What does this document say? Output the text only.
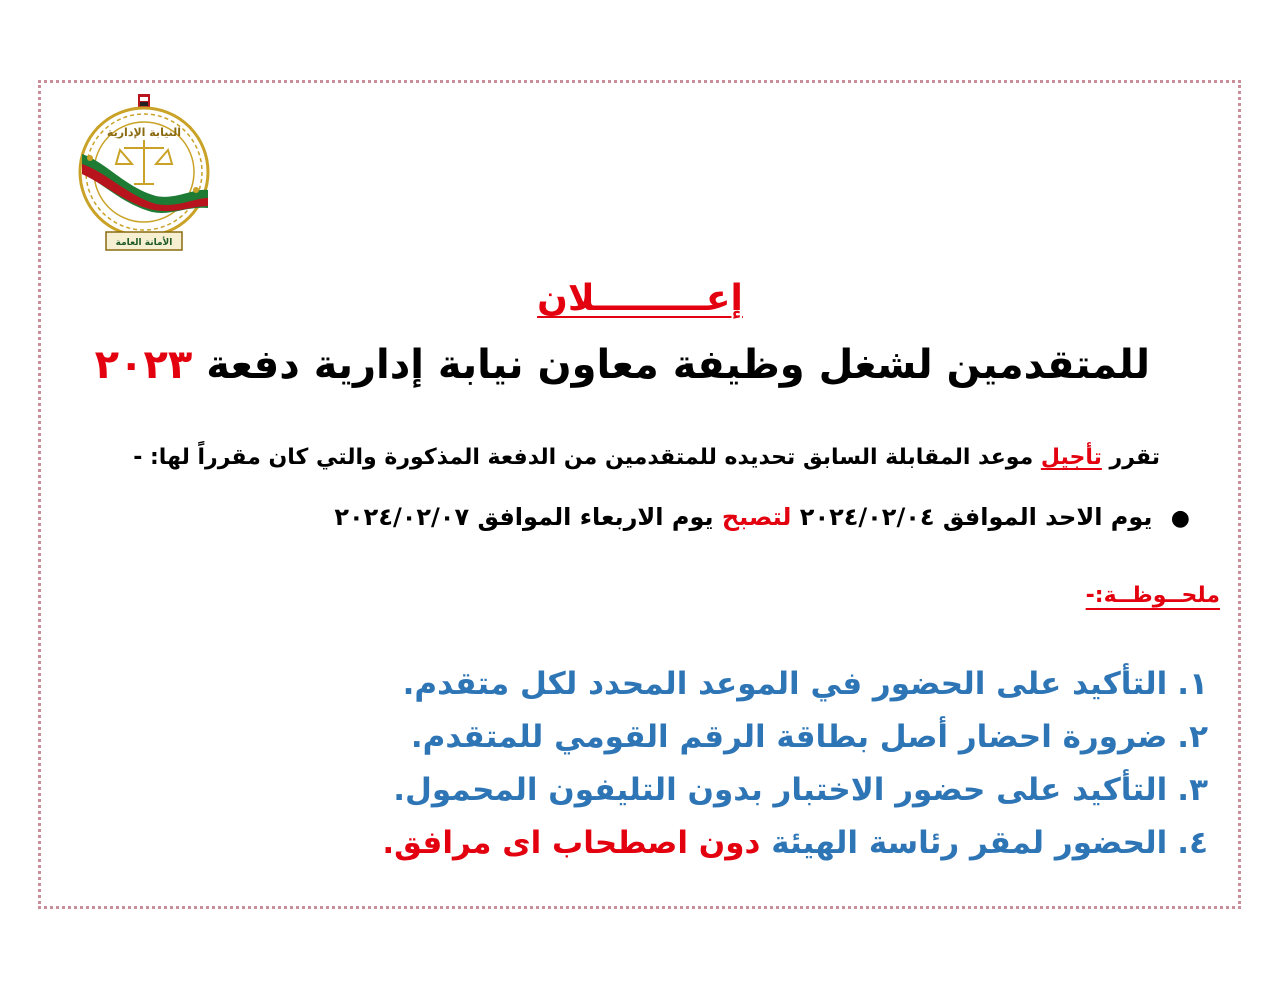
النيابة الإدارية
الأمانة العامة
إعـــــــــلان
للمتقدمين لشغل وظيفة معاون نيابة إدارية دفعة ٢٠٢٣
تقرر تأجيل موعد المقابلة السابق تحديده للمتقدمين من الدفعة المذكورة والتي كان مقرراً لها: -
● يوم الاحد الموافق ٢٠٢٤/٠٢/٠٤ لتصبح يوم الاربعاء الموافق ٢٠٢٤/٠٢/٠٧
ملحــوظــة:-
١.التأكيد على الحضور في الموعد المحدد لكل متقدم.
٢.ضرورة احضار أصل بطاقة الرقم القومي للمتقدم.
٣.التأكيد على حضور الاختبار بدون التليفون المحمول.
٤.الحضور لمقر رئاسة الهيئة دون اصطحاب اى مرافق.
